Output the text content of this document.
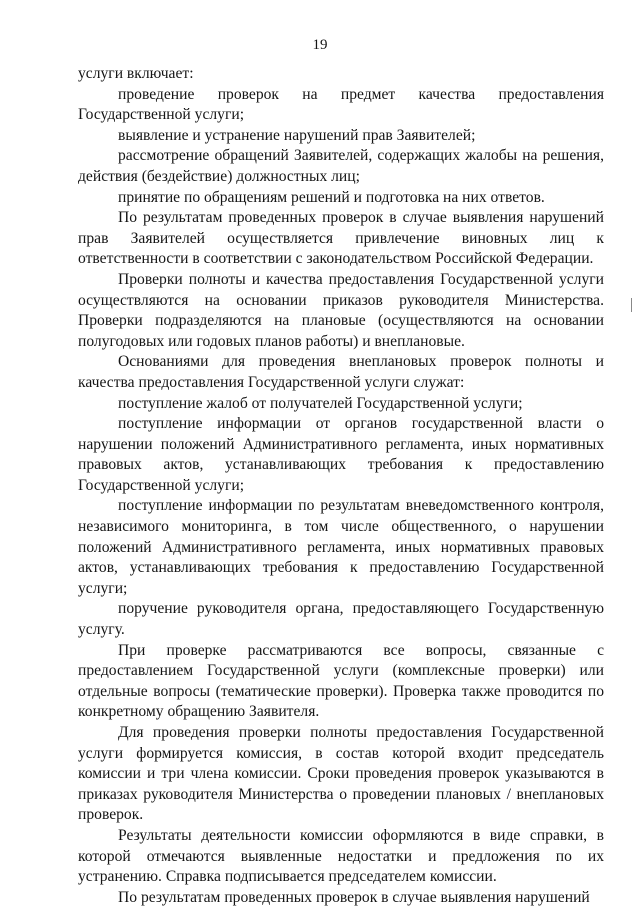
19

услуги включает:

проведение проверок на предмет качества предоставления Государственной услуги;

выявление и устранение нарушений прав Заявителей;

рассмотрение обращений Заявителей, содержащих жалобы на решения, действия (бездействие) должностных лиц;

принятие по обращениям решений и подготовка на них ответов.

По результатам проведенных проверок в случае выявления нарушений прав Заявителей осуществляется привлечение виновных лиц к ответственности в соответствии с законодательством Российской Федерации.

Проверки полноты и качества предоставления Государственной услуги осуществляются на основании приказов руководителя Министерства. Проверки подразделяются на плановые (осуществляются на основании полугодовых или годовых планов работы) и внеплановые.

Основаниями для проведения внеплановых проверок полноты и качества предоставления Государственной услуги служат:

поступление жалоб от получателей Государственной услуги;

поступление информации от органов государственной власти о нарушении положений Административного регламента, иных нормативных правовых актов, устанавливающих требования к предоставлению Государственной услуги;

поступление информации по результатам вневедомственного контроля, независимого мониторинга, в том числе общественного, о нарушении положений Административного регламента, иных нормативных правовых актов, устанавливающих требования к предоставлению Государственной услуги;

поручение руководителя органа, предоставляющего Государственную услугу.

При проверке рассматриваются все вопросы, связанные с предоставлением Государственной услуги (комплексные проверки) или отдельные вопросы (тематические проверки). Проверка также проводится по конкретному обращению Заявителя.

Для проведения проверки полноты предоставления Государственной услуги формируется комиссия, в состав которой входит председатель комиссии и три члена комиссии. Сроки проведения проверок указываются в приказах руководителя Министерства о проведении плановых / внеплановых проверок.

Результаты деятельности комиссии оформляются в виде справки, в которой отмечаются выявленные недостатки и предложения по их устранению. Справка подписывается председателем комиссии.

По результатам проведенных проверок в случае выявления нарушений
